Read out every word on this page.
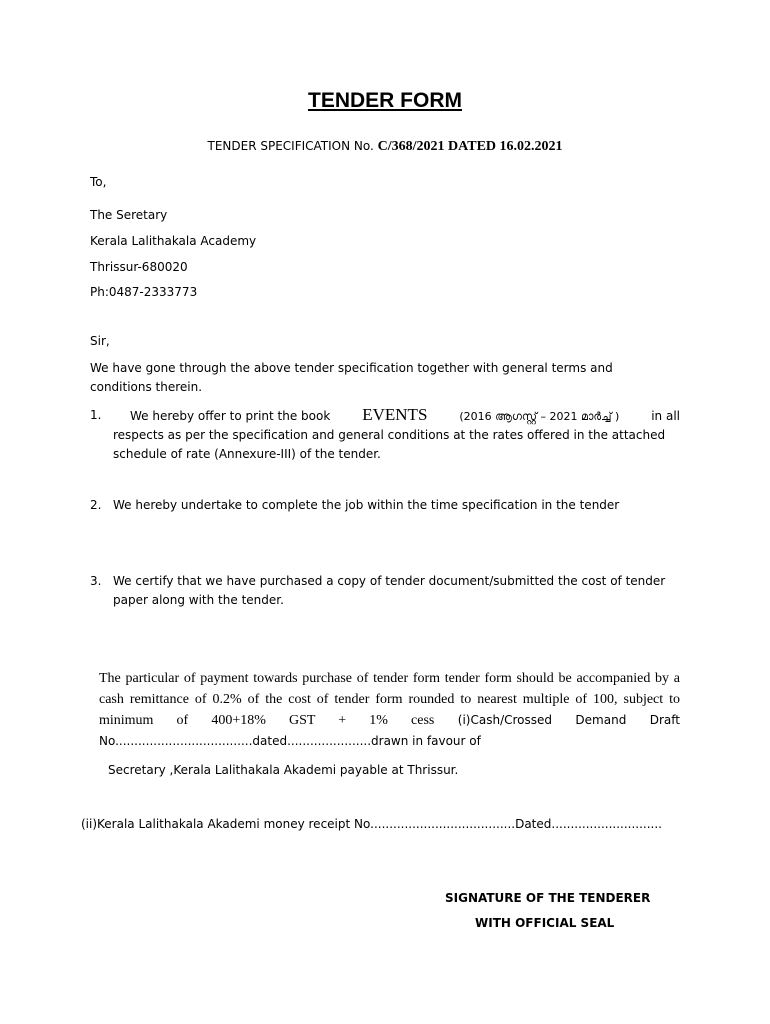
TENDER FORM
TENDER SPECIFICATION No. C/368/2021 DATED 16.02.2021
To,
The Seretary
Kerala Lalithakala Academy
Thrissur-680020
Ph:0487-2333773
Sir,
We have gone through the above tender specification together with general terms and
conditions therein.
1. We hereby offer to print the book EVENTS	(2016 ആഗസ്റ്റ് – 2021 മാർച്ച് )	in all
respects as per the specification and general conditions at the rates offered in the attached
schedule of rate (Annexure-III) of the tender.
2. We hereby undertake to complete the job within the time specification in the tender
3. We certify that we have purchased a copy of tender document/submitted the cost of tender
paper along with the tender.
The particular of payment towards purchase of tender form tender form should be accompanied by a cash remittance of 0.2% of the cost of tender form rounded to nearest multiple of 100, subject to minimum of 400+18% GST + 1% cess (i)Cash/Crossed Demand Draft No....................................dated......................drawn in favour of
Secretary ,Kerala Lalithakala Akademi payable at Thrissur.
(ii)Kerala Lalithakala Akademi money receipt No......................................Dated.............................
SIGNATURE OF THE TENDERER
WITH OFFICIAL SEAL
